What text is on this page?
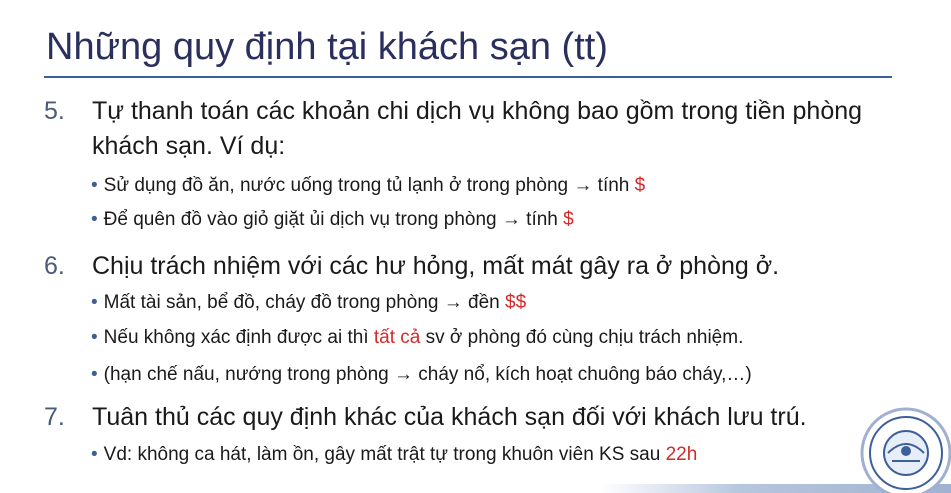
Những quy định tại khách sạn (tt)
5. Tự thanh toán các khoản chi dịch vụ không bao gồm trong tiền phòng
khách sạn. Ví dụ:
• Sử dụng đồ ăn, nước uống trong tủ lạnh ở trong phòng → tính $
• Để quên đồ vào giỏ giặt ủi dịch vụ trong phòng → tính $
6. Chịu trách nhiệm với các hư hỏng, mất mát gây ra ở phòng ở.
• Mất tài sản, bể đồ, cháy đồ trong phòng → đền $$
• Nếu không xác định được ai thì tất cả sv ở phòng đó cùng chịu trách nhiệm.
• (hạn chế nấu, nướng trong phòng → cháy nổ, kích hoạt chuông báo cháy,…)
7. Tuân thủ các quy định khác của khách sạn đối với khách lưu trú.
• Vd: không ca hát, làm ồn, gây mất trật tự trong khuôn viên KS sau 22h
